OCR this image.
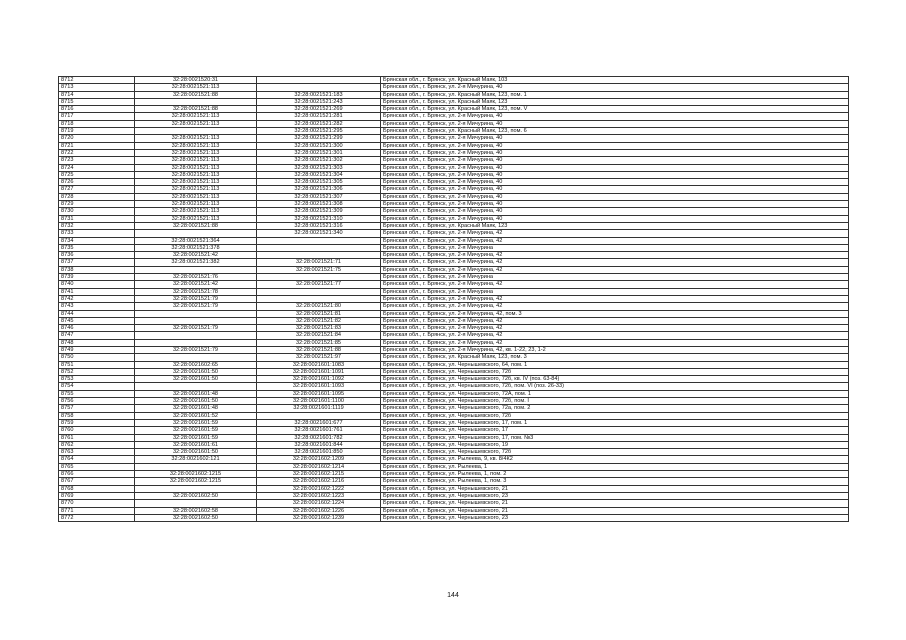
8712	32:28:0021520:31		Брянская обл., г. Брянск, ул. Красный Маяк, 103
8713	32:28:0021521:113		Брянская обл., г. Брянск, ул. 2-я Мичурина, 40
8714	32:28:0021521:88	32:28:0021521:183	Брянская обл., г. Брянск, ул. Красный Маяк, 123, пом. 1
8715		32:28:0021521:243	Брянская обл., г. Брянск, ул. Красный Маяк, 123
8716	32:28:0021521:88	32:28:0021521:269	Брянская обл., г. Брянск, ул. Красный Маяк, 123, пом. V
8717	32:28:0021521:113	32:28:0021521:281	Брянская обл., г. Брянск, ул. 2-я Мичурина, 40
8718	32:28:0021521:113	32:28:0021521:282	Брянская обл., г. Брянск, ул. 2-я Мичурина, 40
8719		32:28:0021521:295	Брянская обл., г. Брянск, ул. Красный Маяк, 123, пом. 6
8720	32:28:0021521:113	32:28:0021521:299	Брянская обл., г. Брянск, ул. 2-я Мичурина, 40
8721	32:28:0021521:113	32:28:0021521:300	Брянская обл., г. Брянск, ул. 2-я Мичурина, 40
8722	32:28:0021521:113	32:28:0021521:301	Брянская обл., г. Брянск, ул. 2-я Мичурина, 40
8723	32:28:0021521:113	32:28:0021521:302	Брянская обл., г. Брянск, ул. 2-я Мичурина, 40
8724	32:28:0021521:113	32:28:0021521:303	Брянская обл., г. Брянск, ул. 2-я Мичурина, 40
8725	32:28:0021521:113	32:28:0021521:304	Брянская обл., г. Брянск, ул. 2-я Мичурина, 40
8726	32:28:0021521:113	32:28:0021521:305	Брянская обл., г. Брянск, ул. 2-я Мичурина, 40
8727	32:28:0021521:113	32:28:0021521:306	Брянская обл., г. Брянск, ул. 2-я Мичурина, 40
8728	32:28:0021521:113	32:28:0021521:307	Брянская обл., г. Брянск, ул. 2-я Мичурина, 40
8729	32:28:0021521:113	32:28:0021521:308	Брянская обл., г. Брянск, ул. 2-я Мичурина, 40
8730	32:28:0021521:113	32:28:0021521:309	Брянская обл., г. Брянск, ул. 2-я Мичурина, 40
8731	32:28:0021521:113	32:28:0021521:310	Брянская обл., г. Брянск, ул. 2-я Мичурина, 40
8732	32:28:0021521:88	32:28:0021521:316	Брянская обл., г. Брянск, ул. Красный Маяк, 123
8733		32:28:0021521:340	Брянская обл., г. Брянск, ул. 2-я Мичурина, 42
8734	32:28:0021521:364		Брянская обл., г. Брянск, ул. 2-я Мичурина, 42
8735	32:28:0021521:378		Брянская обл., г. Брянск, ул. 2-я Мичурина
8736	32:28:0021521:42		Брянская обл., г. Брянск, ул. 2-я Мичурина, 42
8737	32:28:0021521:382	32:28:0021521:71	Брянская обл., г. Брянск, ул. 2-я Мичурина, 42
8738		32:28:0021521:75	Брянская обл., г. Брянск, ул. 2-я Мичурина, 42
8739	32:28:0021521:76		Брянская обл., г. Брянск, ул. 2-я Мичурина
8740	32:28:0021521:42	32:28:0021521:77	Брянская обл., г. Брянск, ул. 2-я Мичурина, 42
8741	32:28:0021521:78		Брянская обл., г. Брянск, ул. 2-я Мичурина
8742	32:28:0021521:79		Брянская обл., г. Брянск, ул. 2-я Мичурина, 42
8743	32:28:0021521:79	32:28:0021521:80	Брянская обл., г. Брянск, ул. 2-я Мичурина, 42
8744		32:28:0021521:81	Брянская обл., г. Брянск, ул. 2-я Мичурина, 42, пом. 3
8745		32:28:0021521:82	Брянская обл., г. Брянск, ул. 2-я Мичурина, 42
8746	32:28:0021521:79	32:28:0021521:83	Брянская обл., г. Брянск, ул. 2-я Мичурина, 42
8747		32:28:0021521:84	Брянская обл., г. Брянск, ул. 2-я Мичурина, 42
8748		32:28:0021521:85	Брянская обл., г. Брянск, ул. 2-я Мичурина, 42
8749	32:28:0021521:79	32:28:0021521:88	Брянская обл., г. Брянск, ул. 2-я Мичурина, 42, кв. 1-22, 23, 1-2
8750		32:28:0021521:97	Брянская обл., г. Брянск, ул. Красный Маяк, 123, пом. 3
8751	32:28:0021602:65	32:28:0021601:1083	Брянская обл., г. Брянск, ул. Чернышевского, 64, пом. 1
8752	32:28:0021601:50	32:28:0021601:1091	Брянская обл., г. Брянск, ул. Чернышевского, 72б
8753	32:28:0021601:50	32:28:0021601:1092	Брянская обл., г. Брянск, ул. Чернышевского, 72б, кв. IV (поз. 63-84)
8754		32:28:0021601:1093	Брянская обл., г. Брянск, ул. Чернышевского, 72б, пом. VI (поз. 26-33)
8755	32:28:0021601:48	32:28:0021601:1095	Брянская обл., г. Брянск, ул. Чернышевского, 72А, пом. 1
8756	32:28:0021601:50	32:28:0021601:1100	Брянская обл., г. Брянск, ул. Чернышевского, 72б, пом. I
8757	32:28:0021601:48	32:28:0021601:1119	Брянская обл., г. Брянск, ул. Чернышевского, 72а, пом. 2
8758	32:28:0021601:52		Брянская обл., г. Брянск, ул. Чернышевского, 72б
8759	32:28:0021601:59	32:28:0021601:677	Брянская обл., г. Брянск, ул. Чернышевского, 17, пом. 1
8760	32:28:0021601:59	32:28:0021601:761	Брянская обл., г. Брянск, ул. Чернышевского, 17
8761	32:28:0021601:59	32:28:0021601:782	Брянская обл., г. Брянск, ул. Чернышевского, 17, пом. №3
8762	32:28:0021601:61	32:28:0021601:844	Брянская обл., г. Брянск, ул. Чернышевского, 19
8763	32:28:0021601:50	32:28:0021601:850	Брянская обл., г. Брянск, ул. Чернышевского, 72б
8764	32:28:0021602:121	32:28:0021602:1209	Брянская обл., г. Брянск, ул. Рылеева, 9, кв. 8/4К2
8765		32:28:0021602:1214	Брянская обл., г. Брянск, ул. Рылеева, 1
8766	32:28:0021602:1215	32:28:0021602:1215	Брянская обл., г. Брянск, ул. Рылеева, 1, пом. 2
8767	32:28:0021602:1215	32:28:0021602:1216	Брянская обл., г. Брянск, ул. Рылеева, 1, пом. 3
8768		32:28:0021602:1222	Брянская обл., г. Брянск, ул. Чернышевского, 21
8769	32:28:0021602:50	32:28:0021602:1223	Брянская обл., г. Брянск, ул. Чернышевского, 23
8770		32:28:0021602:1224	Брянская обл., г. Брянск, ул. Чернышевского, 21
8771	32:28:0021602:58	32:28:0021602:1226	Брянская обл., г. Брянск, ул. Чернышевского, 21
8772	32:28:0021602:50	32:28:0021602:1239	Брянская обл., г. Брянск, ул. Чернышевского, 23
144
